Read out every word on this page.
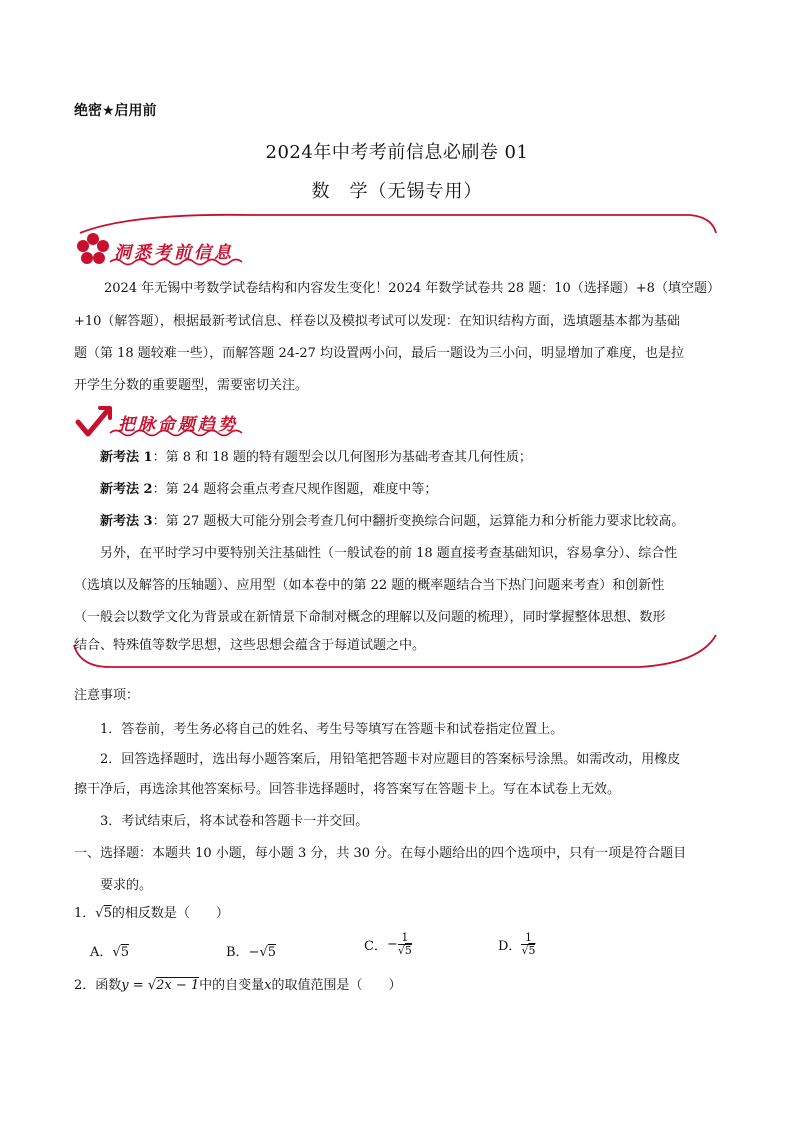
绝密★启用前
2024年中考考前信息必刷卷 01
数　学（无锡专用）
洞悉考前信息
2024 年无锡中考数学试卷结构和内容发生变化！2024 年数学试卷共 28 题：10（选择题）+8（填空题）
+10（解答题），根据最新考试信息、样卷以及模拟考试可以发现：在知识结构方面，选填题基本都为基础
题（第 18 题较难一些），而解答题 24-27 均设置两小问，最后一题设为三小问，明显增加了难度，也是拉
开学生分数的重要题型，需要密切关注。
把脉命题趋势
新考法 1：第 8 和 18 题的特有题型会以几何图形为基础考查其几何性质；
新考法 2：第 24 题将会重点考查尺规作图题，难度中等；
新考法 3：第 27 题极大可能分别会考查几何中翻折变换综合问题，运算能力和分析能力要求比较高。
另外，在平时学习中要特别关注基础性（一般试卷的前 18 题直接考查基础知识，容易拿分）、综合性
（选填以及解答的压轴题）、应用型（如本卷中的第 22 题的概率题结合当下热门问题来考查）和创新性
（一般会以数学文化为背景或在新情景下命制对概念的理解以及问题的梳理），同时掌握整体思想、数形
结合、特殊值等数学思想，这些思想会蕴含于每道试题之中。
注意事项：
1．答卷前，考生务必将自己的姓名、考生号等填写在答题卡和试卷指定位置上。
2．回答选择题时，选出每小题答案后，用铅笔把答题卡对应题目的答案标号涂黑。如需改动，用橡皮
擦干净后，再选涂其他答案标号。回答非选择题时，将答案写在答题卡上。写在本试卷上无效。
3．考试结束后，将本试卷和答题卡一并交回。
一、选择题：本题共 10 小题，每小题 3 分，共 30 分。在每小题给出的四个选项中，只有一项是符合题目
要求的。
1．√5的相反数是（　　）
A．√5	B．−√5	C．− $\frac{1}{√5}$	D． $\frac{1}{√5}$
2．函数y = √2x − 1中的自变量x的取值范围是（　　）
